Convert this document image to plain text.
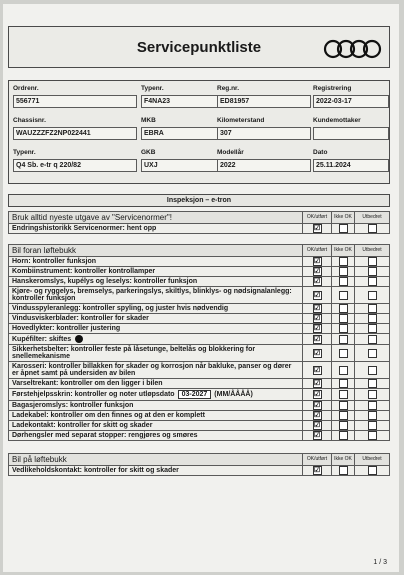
Servicepunktliste
Ordrenr.
556771
Typenr.
F4NA23
Reg.nr.
ED81957
Registrering
2022-03-17
Chassisnr.
WAUZZZFZ2NP022441
MKB
EBRA
Kilometerstand
307
Kundemottaker
Typenr.
Q4 Sb. e-tr q 220/82
GKB
UXJ
Modellår
2022
Dato
25.11.2024
Inspeksjon – e-tron
Bruk alltid nyeste utgave av "Servicenormer"!	OK/utført	Ikke OK	Utbedret

Endringshistorikk Servicenormer: hent opp	☑		
Bil foran løftebukk	OK/utført	Ikke OK	Utbedret

Horn: kontroller funksjon	☑		
Kombiinstrument: kontroller kontrollamper	☑		
Hanskeromslys, kupélys og leselys: kontroller funksjon	☑		
Kjøre- og ryggelys, bremselys, parkeringslys, skiltlys, blinklys- og nødsignalanlegg: kontroller funksjon	☑		
Vindusspyleranlegg: kontroller spyling, og juster hvis nødvendig	☑		
Vindusviskerblader: kontroller for skader	☑		
Hovedlykter: kontroller justering	☑		
Kupéfilter: skiftes	☑		
Sikkerhetsbelter: kontroller feste på låsetunge, beltelås og blokkering for snellemekanisme	☑		
Karosseri: kontroller billakken for skader og korrosjon når bakluke, panser og dører er åpnet samt på undersiden av bilen	☑		
Varseltrekant: kontroller om den ligger i bilen	☑		
Førstehjelpsskrin: kontroller og noter utløpsdato 03-2027 (MM/ÅÅÅÅ)	☑		
Bagasjeromslys: kontroller funksjon	☑		
Ladekabel: kontroller om den finnes og at den er komplett	☑		
Ladekontakt: kontroller for skitt og skader	☑		
Dørhengsler med separat stopper: rengjøres og smøres	☑		
Bil på løftebukk	OK/utført	Ikke OK	Utbedret

Vedlikeholdskontakt: kontroller for skitt og skader	☑		
1 / 3
